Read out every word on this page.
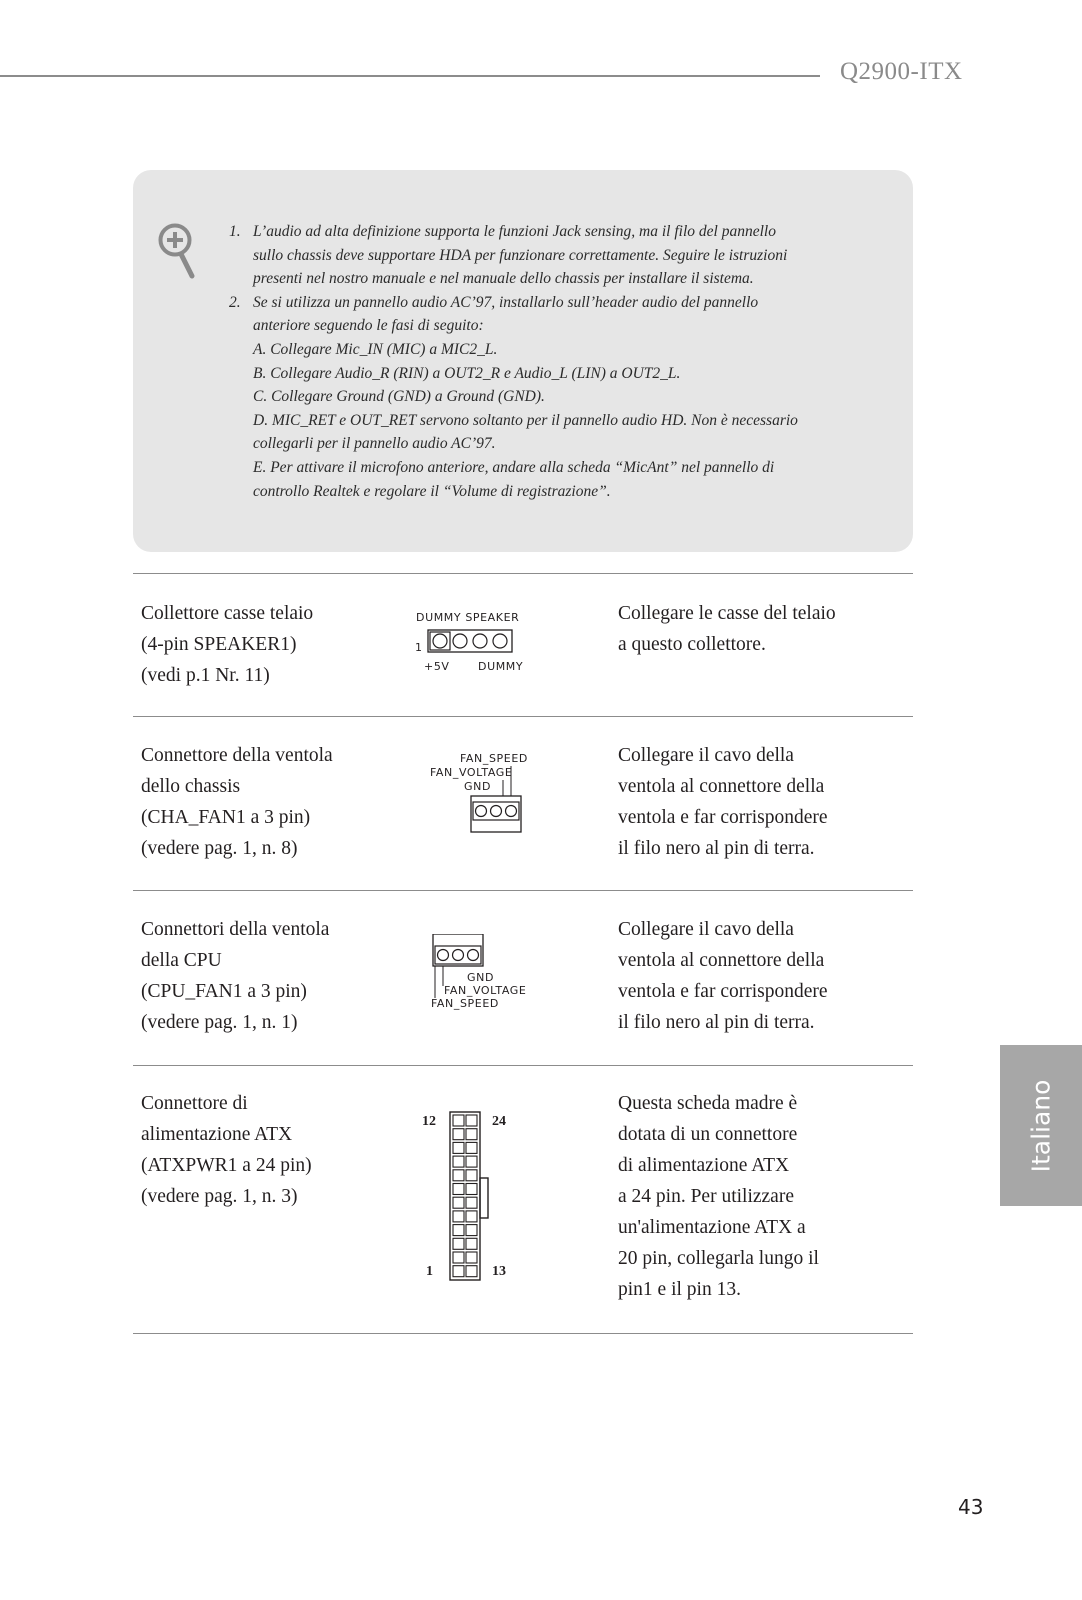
Q2900-ITX
1. L’audio ad alta definizione supporta le funzioni Jack sensing, ma il filo del pannello
sullo chassis deve supportare HDA per funzionare correttamente. Seguire le istruzioni
presenti nel nostro manuale e nel manuale dello chassis per installare il sistema.
2. Se si utilizza un pannello audio AC’97, installarlo sull’header audio del pannello
anteriore seguendo le fasi di seguito:
A. Collegare Mic_IN (MIC) a MIC2_L.
B. Collegare Audio_R (RIN) a OUT2_R e Audio_L (LIN) a OUT2_L.
C. Collegare Ground (GND) a Ground (GND).
D. MIC_RET e OUT_RET servono soltanto per il pannello audio HD. Non è necessario
collegarli per il pannello audio AC’97.
E. Per attivare il microfono anteriore, andare alla scheda “MicAnt” nel pannello di
controllo Realtek e regolare il “Volume di registrazione”.
Collettore casse telaio
(4-pin SPEAKER1)
(vedi p.1 Nr. 11)
DUMMY SPEAKER
1
+5V	DUMMY
Collegare le casse del telaio
a questo collettore.
Connettore della ventola
dello chassis
(CHA_FAN1 a 3 pin)
(vedere pag. 1, n. 8)
FAN_SPEED
FAN_VOLTAGE
GND
Collegare il cavo della
ventola al connettore della
ventola e far corrispondere
il filo nero al pin di terra.
Connettori della ventola
della CPU
(CPU_FAN1 a 3 pin)
(vedere pag. 1, n. 1)
GND
FAN_VOLTAGE
FAN_SPEED
Collegare il cavo della
ventola al connettore della
ventola e far corrispondere
il filo nero al pin di terra.
Connettore di
alimentazione ATX
(ATXPWR1 a 24 pin)
(vedere pag. 1, n. 3)
12	24
1	13
Questa scheda madre è
dotata di un connettore
di alimentazione ATX
a 24 pin. Per utilizzare
un'alimentazione ATX a
20 pin, collegarla lungo il
pin1 e il pin 13.
Italiano
43
